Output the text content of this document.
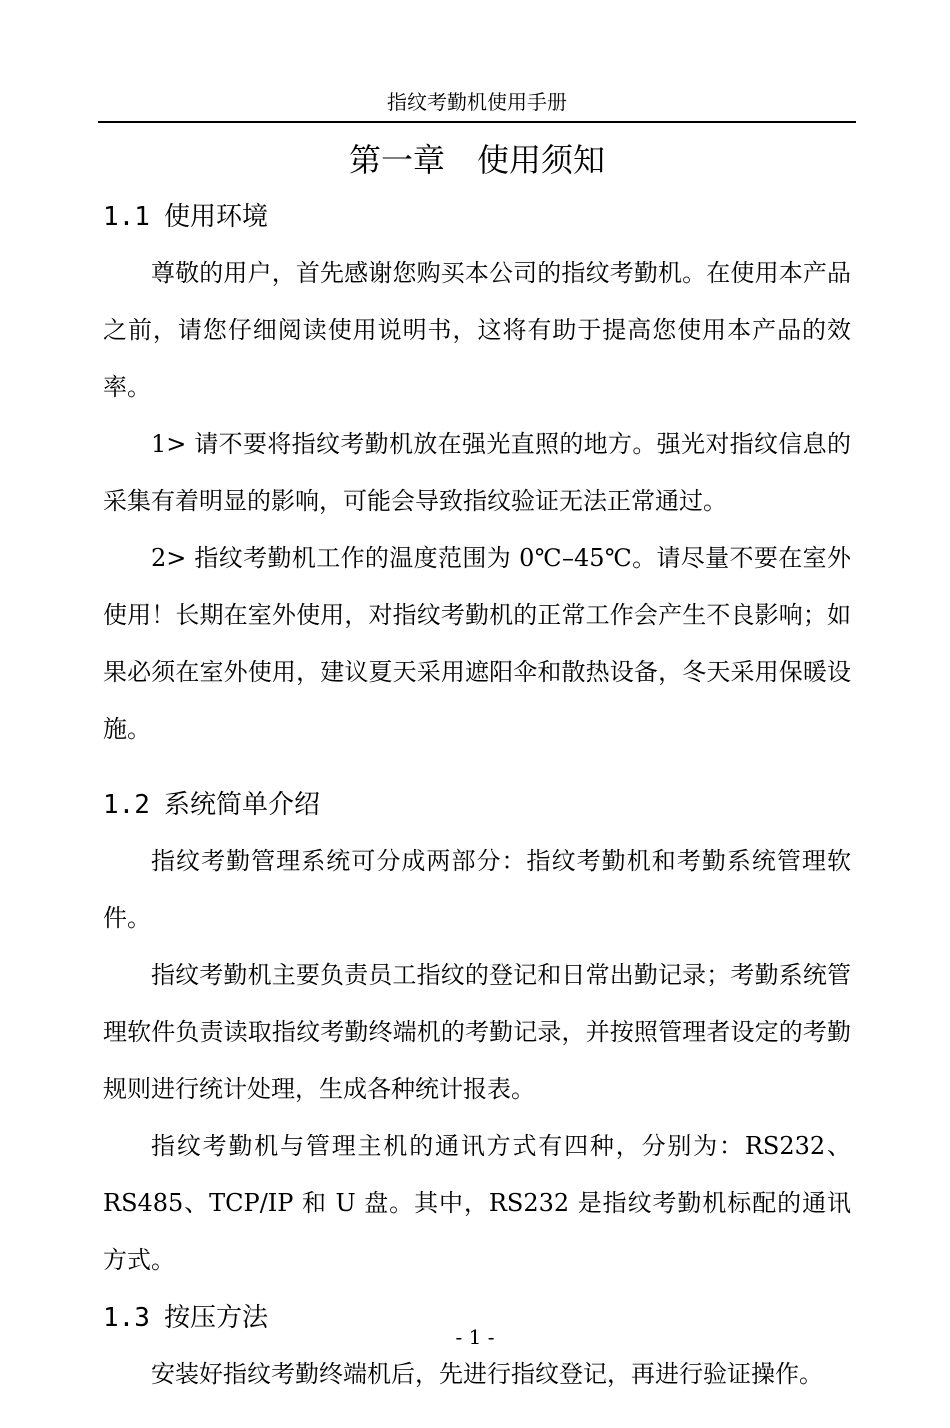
指纹考勤机使用手册
第一章　使用须知
1.1 使用环境

尊敬的用户，首先感谢您购买本公司的指纹考勤机。在使用本产品之前，请您仔细阅读使用说明书，这将有助于提高您使用本产品的效率。

1> 请不要将指纹考勤机放在强光直照的地方。强光对指纹信息的采集有着明显的影响，可能会导致指纹验证无法正常通过。

2> 指纹考勤机工作的温度范围为 0℃–45℃。请尽量不要在室外使用！长期在室外使用，对指纹考勤机的正常工作会产生不良影响；如果必须在室外使用，建议夏天采用遮阳伞和散热设备，冬天采用保暖设施。

1.2 系统简单介绍

指纹考勤管理系统可分成两部分：指纹考勤机和考勤系统管理软件。

指纹考勤机主要负责员工指纹的登记和日常出勤记录；考勤系统管理软件负责读取指纹考勤终端机的考勤记录，并按照管理者设定的考勤规则进行统计处理，生成各种统计报表。

指纹考勤机与管理主机的通讯方式有四种，分别为：RS232、RS485、TCP/IP 和 U 盘。其中，RS232 是指纹考勤机标配的通讯方式。

1.3 按压方法

安装好指纹考勤终端机后，先进行指纹登记，再进行验证操作。

- 1 -
